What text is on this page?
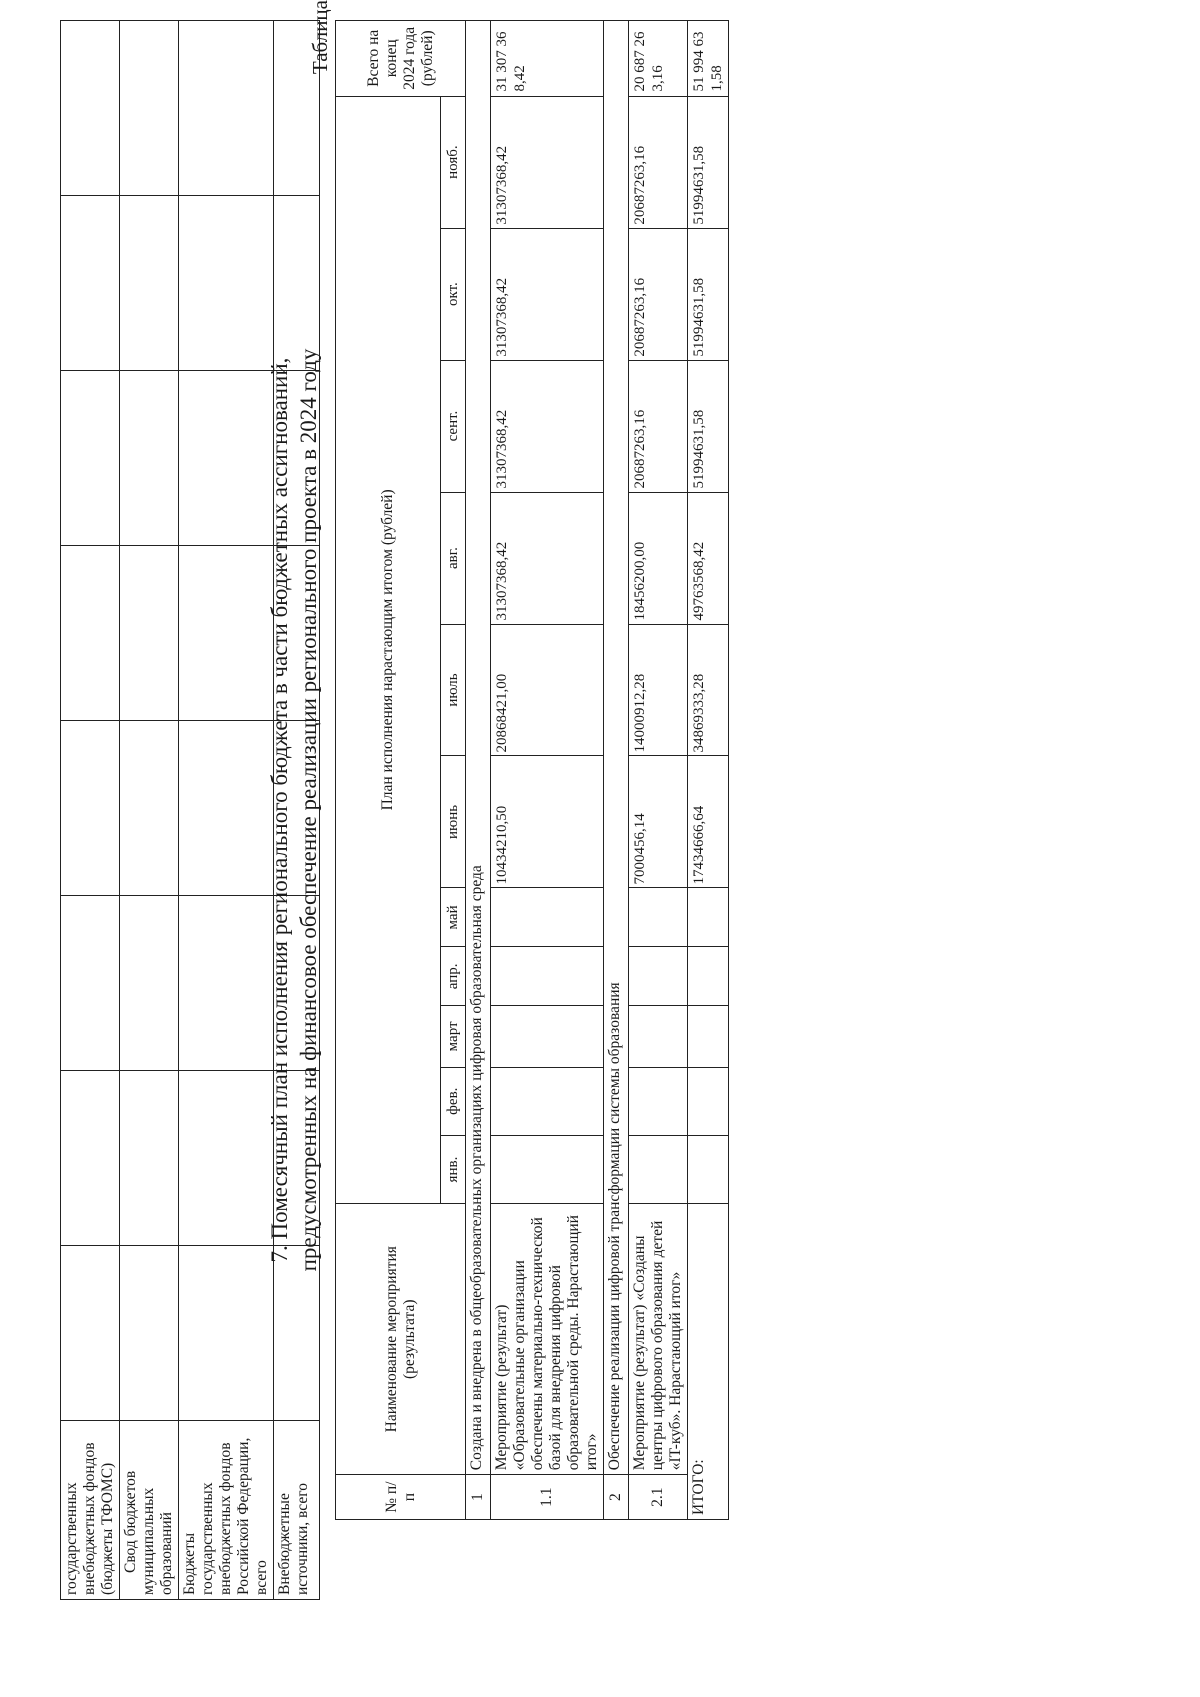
государственных внебюджетных фондов (бюджеты ТФОМС)								
Свод бюджетов муниципальных образований								
Бюджеты государственных внебюджетных фондов Российской Федерации, всего								
Внебюджетные источники, всего								
7. Помесячный план исполнения регионального бюджета в части бюджетных ассигнований, предусмотренных на финансовое обеспечение реализации регионального проекта в 2024 году
Таблица
№ п/п	Наименование мероприятия (результата)	План исполнения нарастающим итогом (рублей)											Всего на конец 2024 года (рублей)
		янв.	фев.	март	апр.	май	июнь	июль	авг.	сент.	окт.	нояб.	
1	Создана и внедрена в общеобразовательных организациях цифровая образовательная среда												
1.1	Мероприятие (результат) «Образовательные организации обеспечены материально-технической базой для внедрения цифровой образовательной среды. Нарастающий итог»						10434210,50	20868421,00	31307368,42	31307368,42	31307368,42	31307368,42	31 307 368,42
2	Обеспечение реализации цифровой трансформации системы образования												
2.1	Мероприятие (результат) «Созданы центры цифрового образования детей «IT-куб». Нарастающий итог»						7000456,14	14000912,28	18456200,00	20687263,16	20687263,16	20687263,16	20 687 263,16
ИТОГО:							17434666,64	34869333,28	49763568,42	51994631,58	51994631,58	51994631,58	51 994 631,58
